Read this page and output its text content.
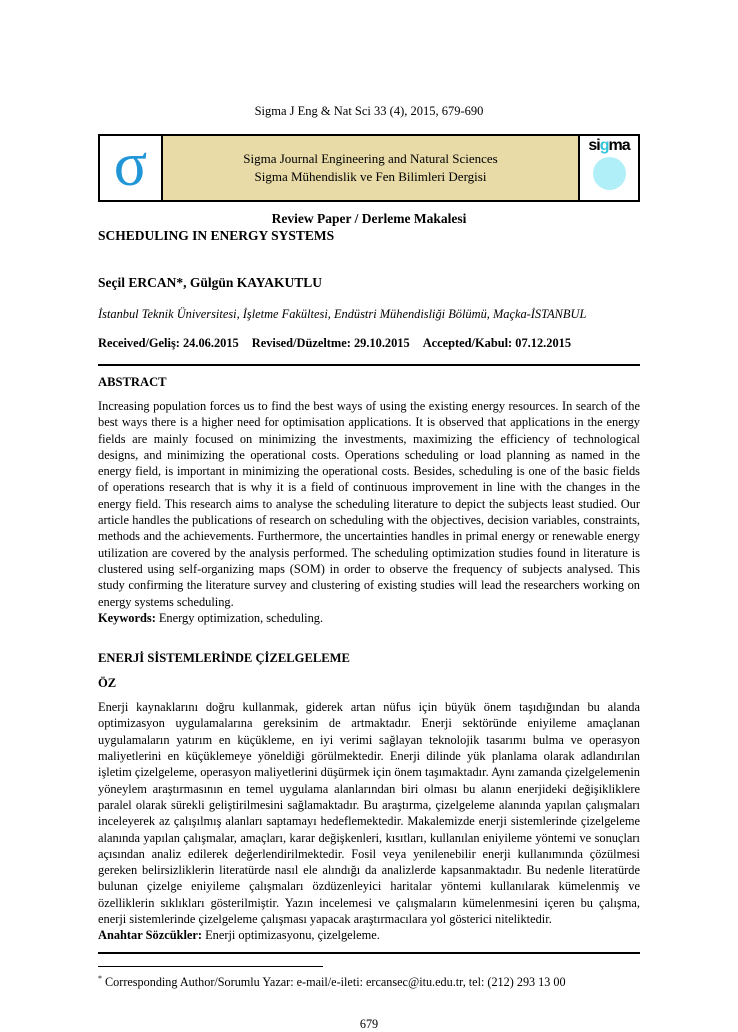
Sigma J Eng & Nat Sci 33 (4), 2015, 679-690
σ	Sigma Journal Engineering and Natural Sciences
Sigma Mühendislik ve Fen Bilimleri Dergisi
sigma
Review Paper / Derleme Makalesi
SCHEDULING IN ENERGY SYSTEMS
Seçil ERCAN*, Gülgün KAYAKUTLU
İstanbul Teknik Üniversitesi, İşletme Fakültesi, Endüstri Mühendisliği Bölümü, Maçka-İSTANBUL
Received/Geliş: 24.06.2015 Revised/Düzeltme: 29.10.2015 Accepted/Kabul: 07.12.2015
ABSTRACT

Increasing population forces us to find the best ways of using the existing energy resources. In search of the best ways there is a higher need for optimisation applications. It is observed that applications in the energy fields are mainly focused on minimizing the investments, maximizing the efficiency of technological designs, and minimizing the operational costs. Operations scheduling or load planning as named in the energy field, is important in minimizing the operational costs. Besides, scheduling is one of the basic fields of operations research that is why it is a field of continuous improvement in line with the changes in the energy field. This research aims to analyse the scheduling literature to depict the subjects least studied. Our article handles the publications of research on scheduling with the objectives, decision variables, constraints, methods and the achievements. Furthermore, the uncertainties handles in primal energy or renewable energy utilization are covered by the analysis performed. The scheduling optimization studies found in literature is clustered using self-organizing maps (SOM) in order to observe the frequency of subjects analysed. This study confirming the literature survey and clustering of existing studies will lead the researchers working on energy systems scheduling.

Keywords: Energy optimization, scheduling.
ENERJİ SİSTEMLERİNDE ÇİZELGELEME
ÖZ

Enerji kaynaklarını doğru kullanmak, giderek artan nüfus için büyük önem taşıdığından bu alanda optimizasyon uygulamalarına gereksinim de artmaktadır. Enerji sektöründe eniyileme amaçlanan uygulamaların yatırım en küçükleme, en iyi verimi sağlayan teknolojik tasarımı bulma ve operasyon maliyetlerini en küçüklemeye yöneldiği görülmektedir. Enerji dilinde yük planlama olarak adlandırılan işletim çizelgeleme, operasyon maliyetlerini düşürmek için önem taşımaktadır. Aynı zamanda çizelgelemenin yöneylem araştırmasının en temel uygulama alanlarından biri olması bu alanın enerjideki değişikliklere paralel olarak sürekli geliştirilmesini sağlamaktadır. Bu araştırma, çizelgeleme alanında yapılan çalışmaları inceleyerek az çalışılmış alanları saptamayı hedeflemektedir. Makalemizde enerji sistemlerinde çizelgeleme alanında yapılan çalışmalar, amaçları, karar değişkenleri, kısıtları, kullanılan eniyileme yöntemi ve sonuçları açısından analiz edilerek değerlendirilmektedir. Fosil veya yenilenebilir enerji kullanımında çözülmesi gereken belirsizliklerin literatürde nasıl ele alındığı da analizlerde kapsanmaktadır. Bu nedenle literatürde bulunan çizelge eniyileme çalışmaları özdüzenleyici haritalar yöntemi kullanılarak kümelenmiş ve özelliklerin sıklıkları gösterilmiştir. Yazın incelemesi ve çalışmaların kümelenmesini içeren bu çalışma, enerji sistemlerinde çizelgeleme çalışması yapacak araştırmacılara yol gösterici niteliktedir.

Anahtar Sözcükler: Enerji optimizasyonu, çizelgeleme.
* Corresponding Author/Sorumlu Yazar: e-mail/e-ileti: ercansec@itu.edu.tr, tel: (212) 293 13 00
679
